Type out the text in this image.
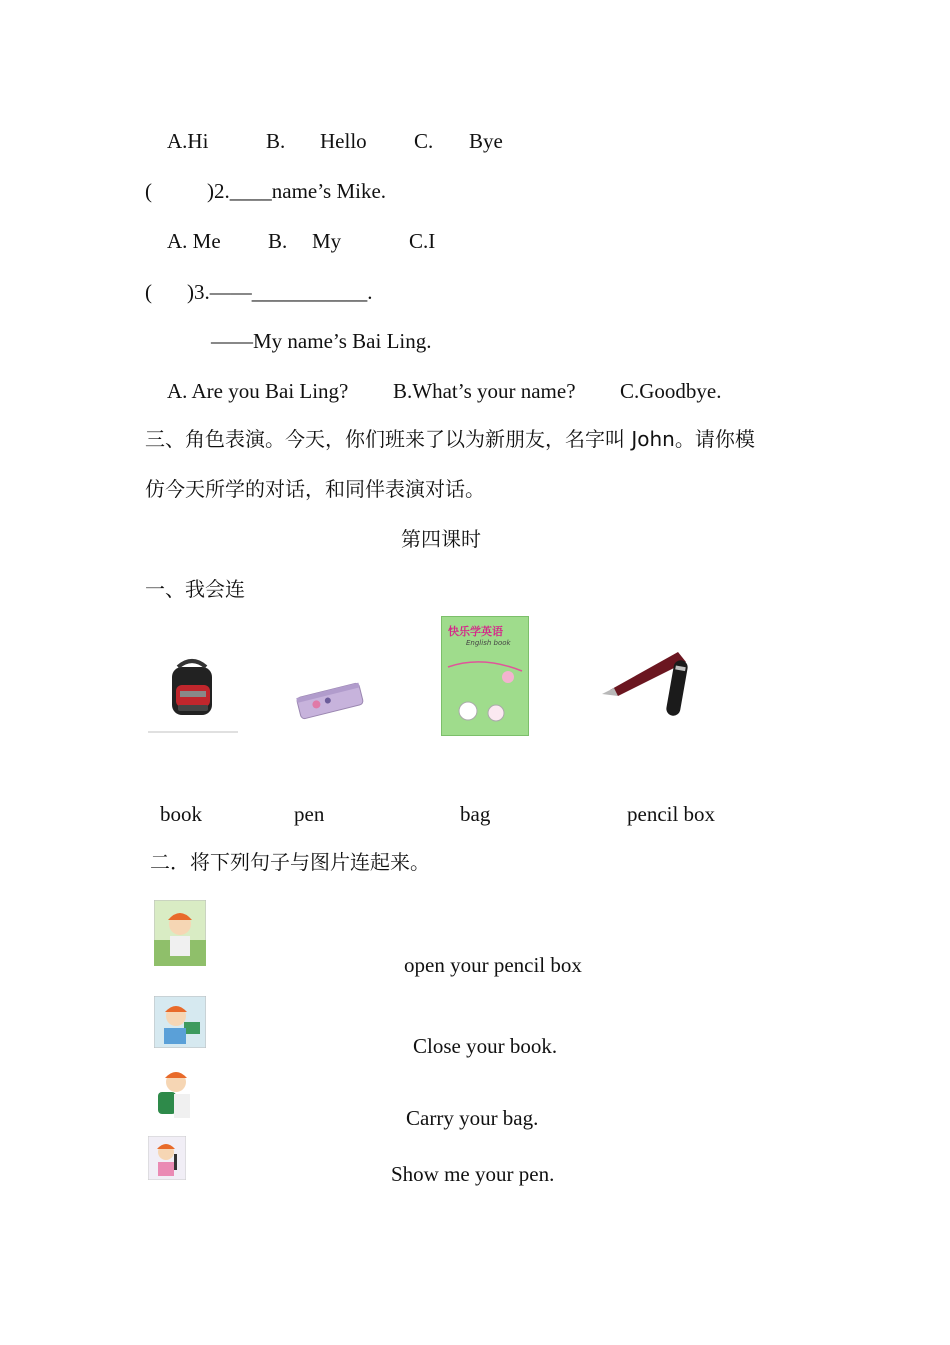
A.Hi	B. Hello C. Bye
(	)2.____name’s Mike.
A. Me B. My	C.I
( )3.——___________.
——My name’s Bai Ling.
A. Are you Bai Ling? B.What’s your name? C.Goodbye.
三、角色表演。今天，你们班来了以为新朋友，名字叫 John。请你模
仿今天所学的对话，和同伴表演对话。
第四课时
一、我会连
快乐学英语
English book
book	pen	bag	pencil box
二．将下列句子与图片连起来。
open your pencil box
Close your book.
Carry your bag.
Show me your pen.
